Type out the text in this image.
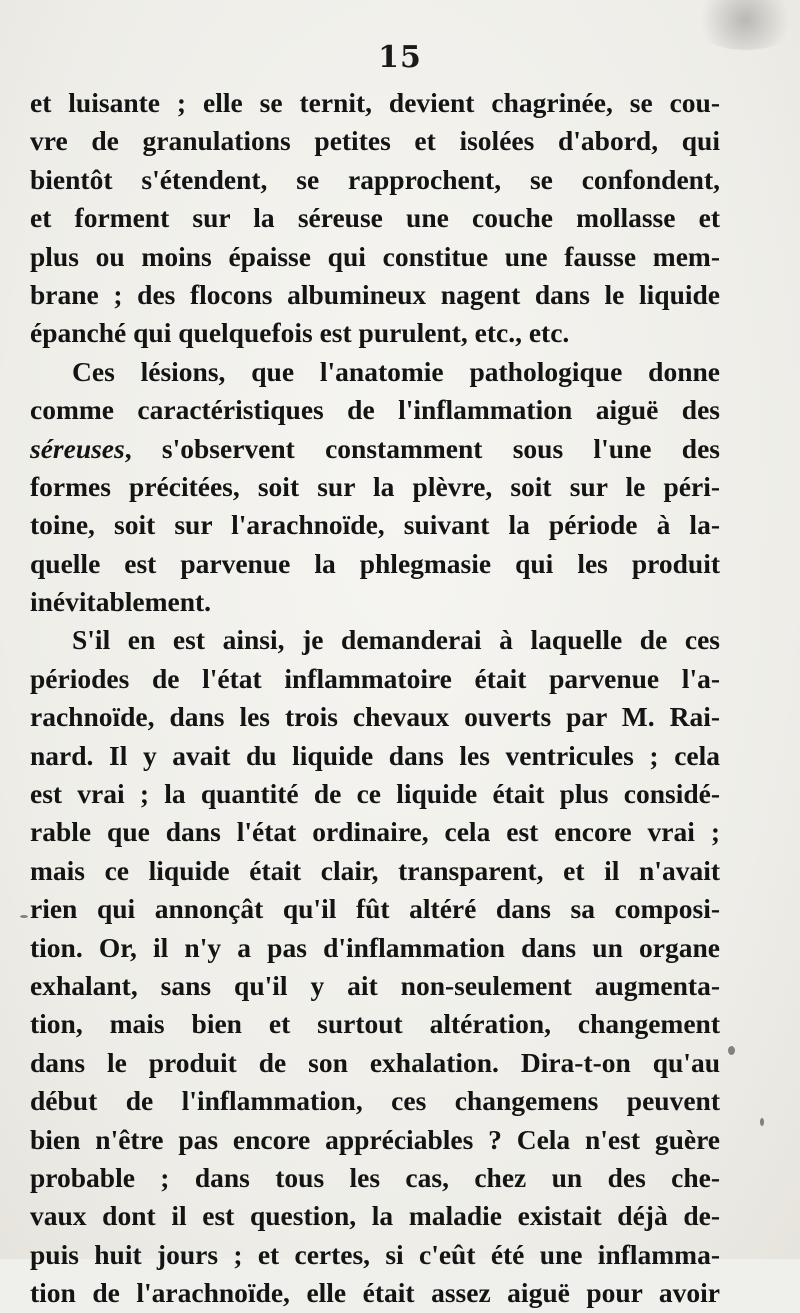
15
et luisante ; elle se ternit, devient chagrinée, se cou-
vre de granulations petites et isolées d'abord, qui
bientôt s'étendent, se rapprochent, se confondent,
et forment sur la séreuse une couche mollasse et
plus ou moins épaisse qui constitue une fausse mem-
brane ; des flocons albumineux nagent dans le liquide
épanché qui quelquefois est purulent, etc., etc.
Ces lésions, que l'anatomie pathologique donne
comme caractéristiques de l'inflammation aiguë des
séreuses, s'observent constamment sous l'une des
formes précitées, soit sur la plèvre, soit sur le péri-
toine, soit sur l'arachnoïde, suivant la période à la-
quelle est parvenue la phlegmasie qui les produit
inévitablement.
S'il en est ainsi, je demanderai à laquelle de ces
périodes de l'état inflammatoire était parvenue l'a-
rachnoïde, dans les trois chevaux ouverts par M. Rai-
nard. Il y avait du liquide dans les ventricules ; cela
est vrai ; la quantité de ce liquide était plus considé-
rable que dans l'état ordinaire, cela est encore vrai ;
mais ce liquide était clair, transparent, et il n'avait
rien qui annonçât qu'il fût altéré dans sa composi-
tion. Or, il n'y a pas d'inflammation dans un organe
exhalant, sans qu'il y ait non-seulement augmenta-
tion, mais bien et surtout altération, changement
dans le produit de son exhalation. Dira-t-on qu'au
début de l'inflammation, ces changemens peuvent
bien n'être pas encore appréciables ? Cela n'est guère
probable ; dans tous les cas, chez un des che-
vaux dont il est question, la maladie existait déjà de-
puis huit jours ; et certes, si c'eût été une inflamma-
tion de l'arachnoïde, elle était assez aiguë pour avoir
